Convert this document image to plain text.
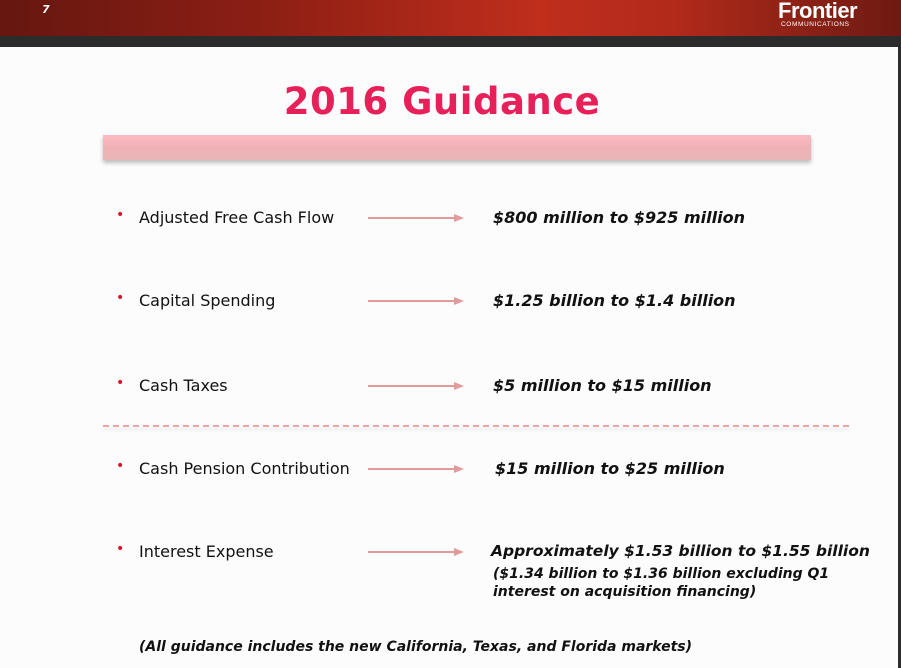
7	Frontier
COMMUNICATIONS
2016 Guidance
• Adjusted Free Cash Flow	$800 million to $925 million
• Capital Spending	$1.25 billion to $1.4 billion
• Cash Taxes	$5 million to $15 million
• Cash Pension Contribution	$15 million to $25 million
• Interest Expense	Approximately $1.53 billion to $1.55 billion
($1.34 billion to $1.36 billion excluding Q1
interest on acquisition financing)
(All guidance includes the new California, Texas, and Florida markets)
